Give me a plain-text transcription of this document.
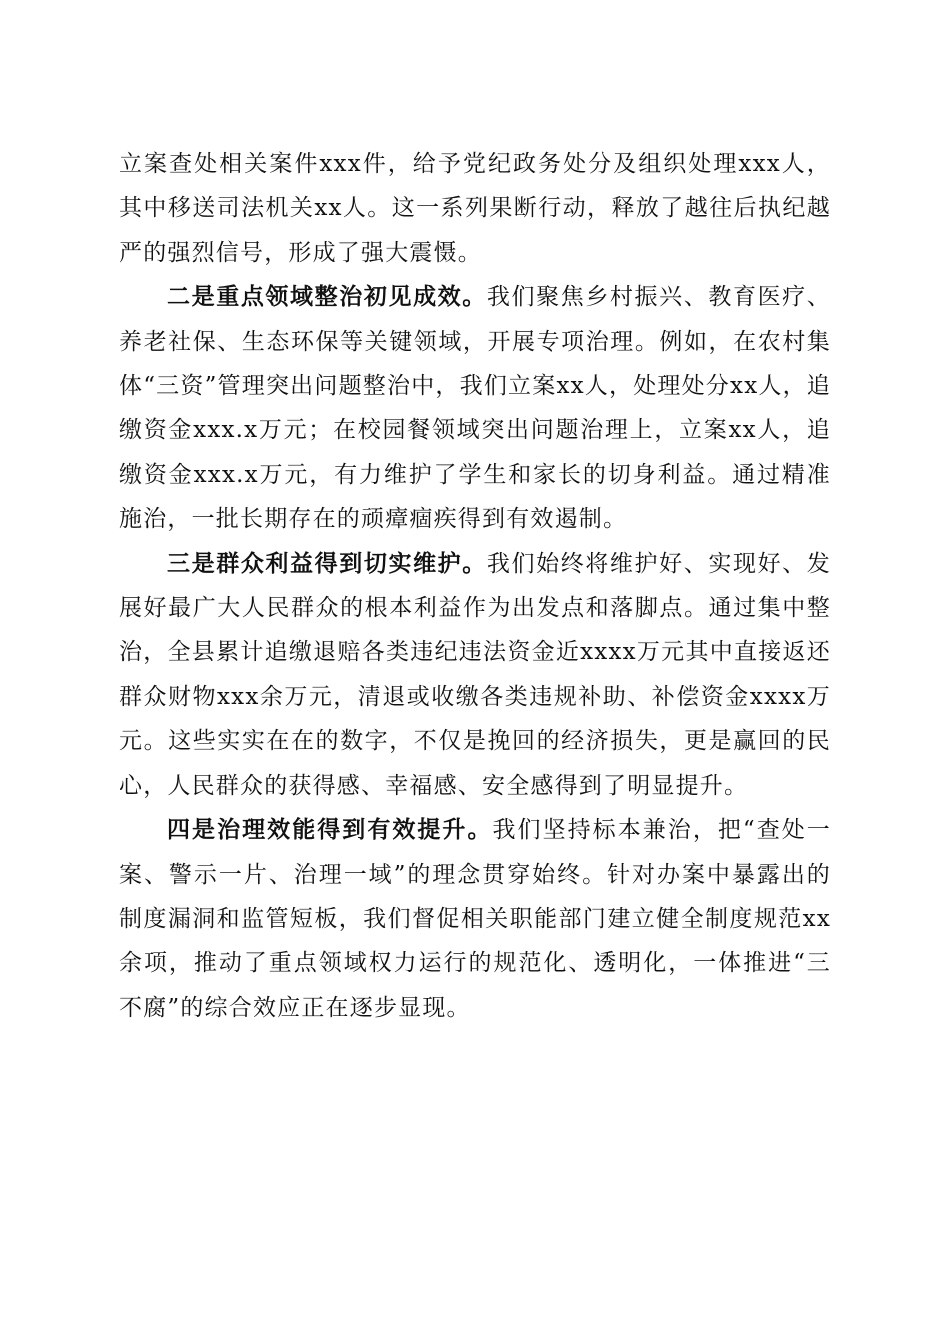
立案查处相关案件xxx件，给予党纪政务处分及组织处理xxx人，其中移送司法机关xx人。这一系列果断行动，释放了越往后执纪越严的强烈信号，形成了强大震慑。

二是重点领域整治初见成效。我们聚焦乡村振兴、教育医疗、养老社保、生态环保等关键领域，开展专项治理。例如，在农村集体“三资”管理突出问题整治中，我们立案xx人，处理处分xx人，追缴资金xxx.x万元；在校园餐领域突出问题治理上，立案xx人，追缴资金xxx.x万元，有力维护了学生和家长的切身利益。通过精准施治，一批长期存在的顽瘴痼疾得到有效遏制。

三是群众利益得到切实维护。我们始终将维护好、实现好、发展好最广大人民群众的根本利益作为出发点和落脚点。通过集中整治，全县累计追缴退赔各类违纪违法资金近xxxx万元其中直接返还群众财物xxx余万元，清退或收缴各类违规补助、补偿资金xxxx万元。这些实实在在的数字，不仅是挽回的经济损失，更是赢回的民心，人民群众的获得感、幸福感、安全感得到了明显提升。

四是治理效能得到有效提升。我们坚持标本兼治，把“查处一案、警示一片、治理一域”的理念贯穿始终。针对办案中暴露出的制度漏洞和监管短板，我们督促相关职能部门建立健全制度规范xx余项，推动了重点领域权力运行的规范化、透明化，一体推进“三不腐”的综合效应正在逐步显现。
